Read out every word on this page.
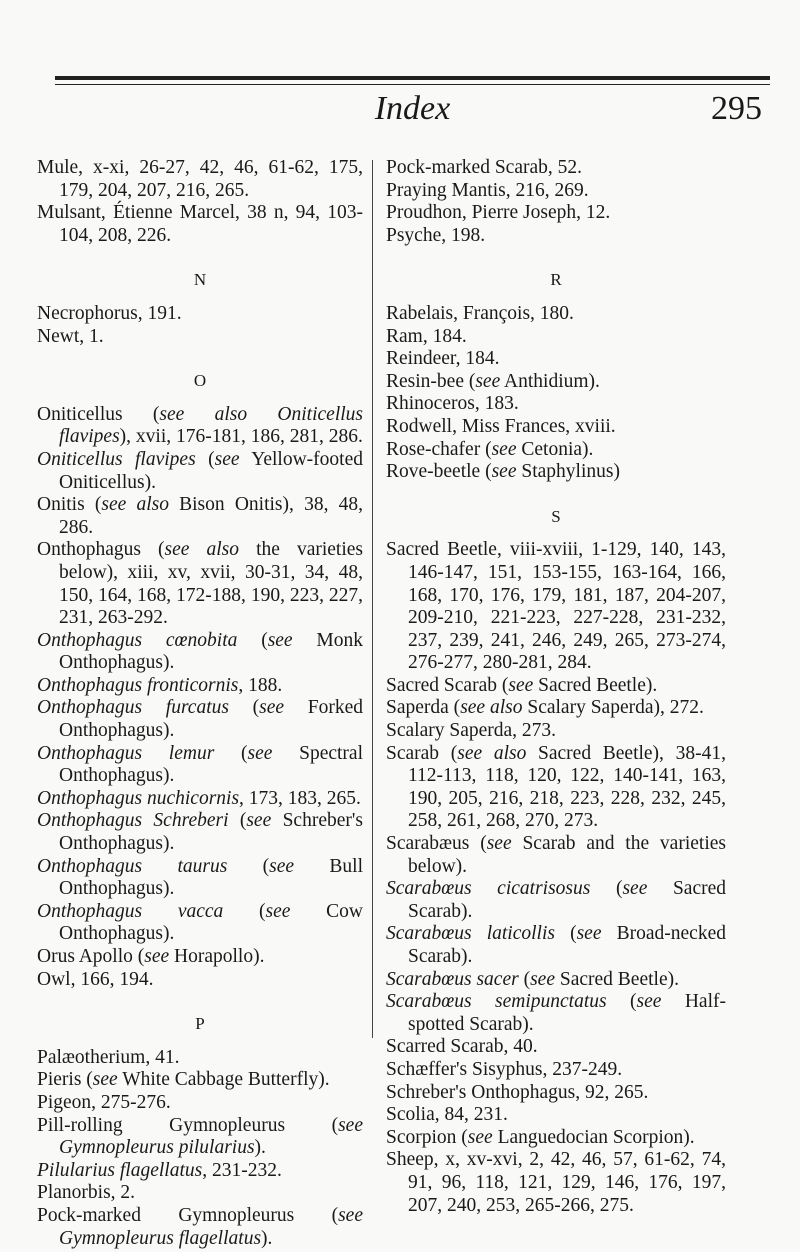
Index	295
Mule, x-xi, 26-27, 42, 46, 61-62, 175, 179, 204, 207, 216, 265.
Mulsant, Étienne Marcel, 38 n, 94, 103-104, 208, 226.
N
Necrophorus, 191.
Newt, 1.
O
Oniticellus (see also Oniticellus flavipes), xvii, 176-181, 186, 281, 286.
Oniticellus flavipes (see Yellow-footed Oniticellus).
Onitis (see also Bison Onitis), 38, 48, 286.
Onthophagus (see also the varieties below), xiii, xv, xvii, 30-31, 34, 48, 150, 164, 168, 172-188, 190, 223, 227, 231, 263-292.
Onthophagus cœnobita (see Monk Onthophagus).
Onthophagus fronticornis, 188.
Onthophagus furcatus (see Forked Onthophagus).
Onthophagus lemur (see Spectral Onthophagus).
Onthophagus nuchicornis, 173, 183, 265.
Onthophagus Schreberi (see Schreber's Onthophagus).
Onthophagus taurus (see Bull Onthophagus).
Onthophagus vacca (see Cow Onthophagus).
Orus Apollo (see Horapollo).
Owl, 166, 194.
P
Palæotherium, 41.
Pieris (see White Cabbage Butterfly).
Pigeon, 275-276.
Pill-rolling Gymnopleurus (see Gymnopleurus pilularius).
Pilularius flagellatus, 231-232.
Planorbis, 2.
Pock-marked Gymnopleurus (see Gymnopleurus flagellatus).
Pock-marked Scarab, 52.
Praying Mantis, 216, 269.
Proudhon, Pierre Joseph, 12.
Psyche, 198.
R
Rabelais, François, 180.
Ram, 184.
Reindeer, 184.
Resin-bee (see Anthidium).
Rhinoceros, 183.
Rodwell, Miss Frances, xviii.
Rose-chafer (see Cetonia).
Rove-beetle (see Staphylinus)
S
Sacred Beetle, viii-xviii, 1-129, 140, 143, 146-147, 151, 153-155, 163-164, 166, 168, 170, 176, 179, 181, 187, 204-207, 209-210, 221-223, 227-228, 231-232, 237, 239, 241, 246, 249, 265, 273-274, 276-277, 280-281, 284.
Sacred Scarab (see Sacred Beetle).
Saperda (see also Scalary Saperda), 272.
Scalary Saperda, 273.
Scarab (see also Sacred Beetle), 38-41, 112-113, 118, 120, 122, 140-141, 163, 190, 205, 216, 218, 223, 228, 232, 245, 258, 261, 268, 270, 273.
Scarabæus (see Scarab and the varieties below).
Scarabœus cicatrisosus (see Sacred Scarab).
Scarabœus laticollis (see Broad-necked Scarab).
Scarabœus sacer (see Sacred Beetle).
Scarabœus semipunctatus (see Half-spotted Scarab).
Scarred Scarab, 40.
Schæffer's Sisyphus, 237-249.
Schreber's Onthophagus, 92, 265.
Scolia, 84, 231.
Scorpion (see Languedocian Scorpion).
Sheep, x, xv-xvi, 2, 42, 46, 57, 61-62, 74, 91, 96, 118, 121, 129, 146, 176, 197, 207, 240, 253, 265-266, 275.
